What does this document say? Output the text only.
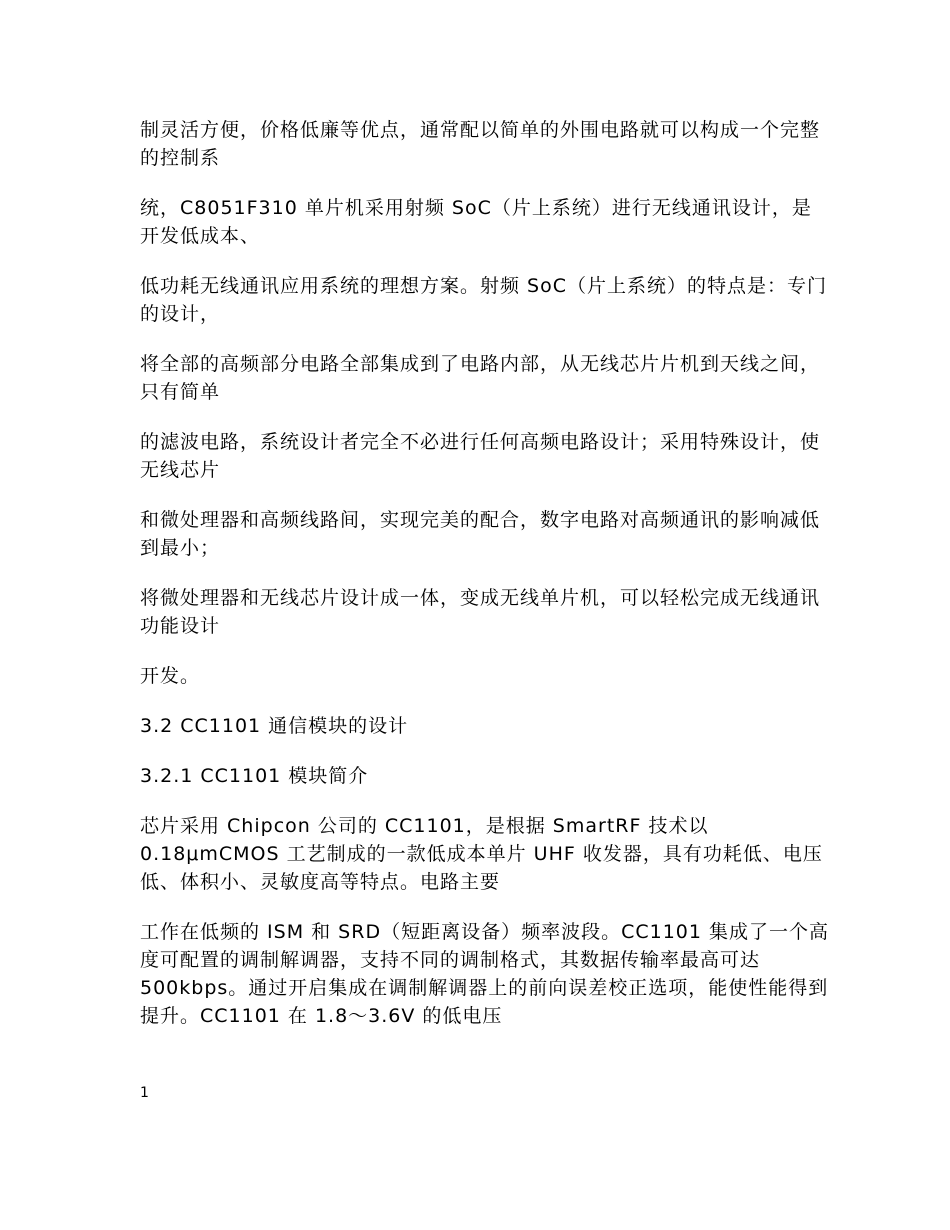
制灵活方便，价格低廉等优点，通常配以简单的外围电路就可以构成一个完整的控制系

统，C8051F310 单片机采用射频 SoC（片上系统）进行无线通讯设计，是开发低成本、

低功耗无线通讯应用系统的理想方案。射频 SoC（片上系统）的特点是：专门的设计，

将全部的高频部分电路全部集成到了电路内部，从无线芯片片机到天线之间，只有简单

的滤波电路，系统设计者完全不必进行任何高频电路设计；采用特殊设计，使无线芯片

和微处理器和高频线路间，实现完美的配合，数字电路对高频通讯的影响减低到最小；

将微处理器和无线芯片设计成一体，变成无线单片机，可以轻松完成无线通讯功能设计

开发。

3.2 CC1101 通信模块的设计

3.2.1 CC1101 模块简介

芯片采用 Chipcon 公司的 CC1101，是根据 SmartRF 技术以0.18μmCMOS 工艺制成的一款低成本单片 UHF 收发器，具有功耗低、电压低、体积小、灵敏度高等特点。电路主要

工作在低频的 ISM 和 SRD（短距离设备）频率波段。CC1101 集成了一个高度可配置的调制解调器，支持不同的调制格式，其数据传输率最高可达 500kbps。通过开启集成在调制解调器上的前向误差校正选项，能使性能得到提升。CC1101 在 1.8～3.6V 的低电压

1
